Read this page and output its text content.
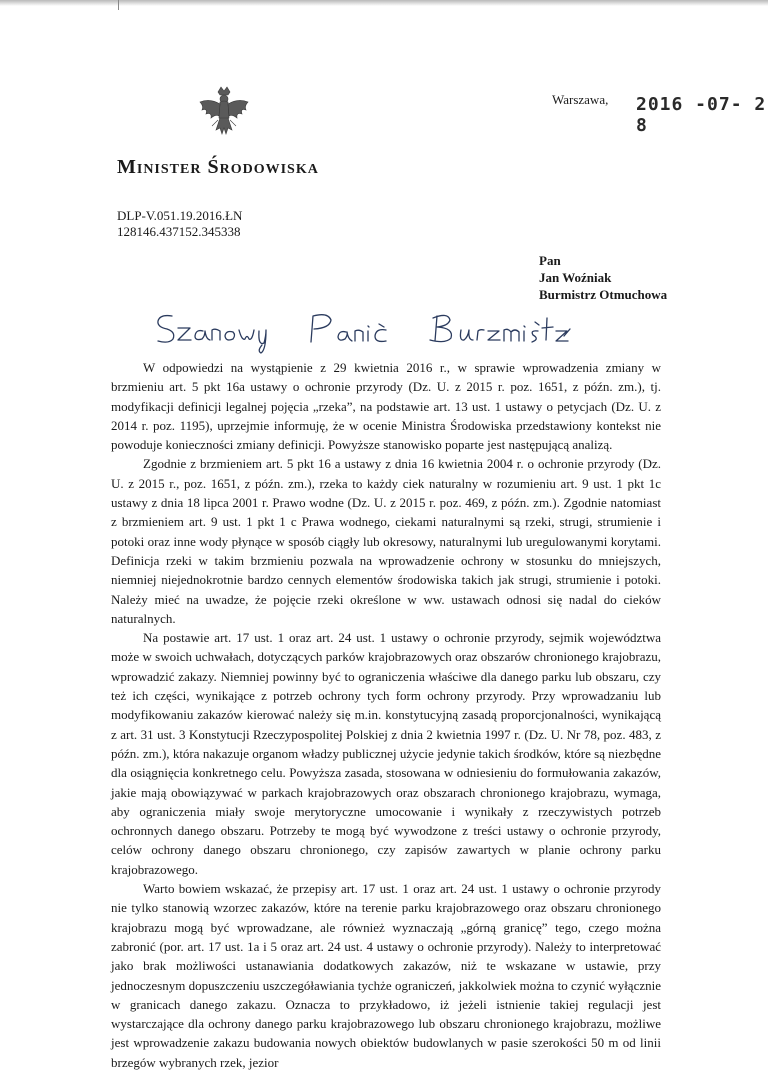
Warszawa, 2016 -07- 2 8
Minister Środowiska
DLP-V.051.19.2016.ŁN
128146.437152.345338
Pan
Jan Woźniak
Burmistrz Otmuchowa
Szanowny Panie Burmistrzu

W odpowiedzi na wystąpienie z 29 kwietnia 2016 r., w sprawie wprowadzenia zmiany w brzmieniu art. 5 pkt 16a ustawy o ochronie przyrody (Dz. U. z 2015 r. poz. 1651, z późn. zm.), tj. modyfikacji definicji legalnej pojęcia „rzeka”, na podstawie art. 13 ust. 1 ustawy o petycjach (Dz. U. z 2014 r. poz. 1195), uprzejmie informuję, że w ocenie Ministra Środowiska przedstawiony kontekst nie powoduje konieczności zmiany definicji. Powyższe stanowisko poparte jest następującą analizą.

Zgodnie z brzmieniem art. 5 pkt 16 a ustawy z dnia 16 kwietnia 2004 r. o ochronie przyrody (Dz. U. z 2015 r., poz. 1651, z późn. zm.), rzeka to każdy ciek naturalny w rozumieniu art. 9 ust. 1 pkt 1c ustawy z dnia 18 lipca 2001 r. Prawo wodne (Dz. U. z 2015 r. poz. 469, z późn. zm.). Zgodnie natomiast z brzmieniem art. 9 ust. 1 pkt 1 c Prawa wodnego, ciekami naturalnymi są rzeki, strugi, strumienie i potoki oraz inne wody płynące w sposób ciągły lub okresowy, naturalnymi lub uregulowanymi korytami. Definicja rzeki w takim brzmieniu pozwala na wprowadzenie ochrony w stosunku do mniejszych, niemniej niejednokrotnie bardzo cennych elementów środowiska takich jak strugi, strumienie i potoki. Należy mieć na uwadze, że pojęcie rzeki określone w ww. ustawach odnosi się nadal do cieków naturalnych.

Na postawie art. 17 ust. 1 oraz art. 24 ust. 1 ustawy o ochronie przyrody, sejmik województwa może w swoich uchwałach, dotyczących parków krajobrazowych oraz obszarów chronionego krajobrazu, wprowadzić zakazy. Niemniej powinny być to ograniczenia właściwe dla danego parku lub obszaru, czy też ich części, wynikające z potrzeb ochrony tych form ochrony przyrody. Przy wprowadzaniu lub modyfikowaniu zakazów kierować należy się m.in. konstytucyjną zasadą proporcjonalności, wynikającą z art. 31 ust. 3 Konstytucji Rzeczypospolitej Polskiej z dnia 2 kwietnia 1997 r. (Dz. U. Nr 78, poz. 483, z późn. zm.), która nakazuje organom władzy publicznej użycie jedynie takich środków, które są niezbędne dla osiągnięcia konkretnego celu. Powyższa zasada, stosowana w odniesieniu do formułowania zakazów, jakie mają obowiązywać w parkach krajobrazowych oraz obszarach chronionego krajobrazu, wymaga, aby ograniczenia miały swoje merytoryczne umocowanie i wynikały z rzeczywistych potrzeb ochronnych danego obszaru. Potrzeby te mogą być wywodzone z treści ustawy o ochronie przyrody, celów ochrony danego obszaru chronionego, czy zapisów zawartych w planie ochrony parku krajobrazowego.

Warto bowiem wskazać, że przepisy art. 17 ust. 1 oraz art. 24 ust. 1 ustawy o ochronie przyrody nie tylko stanowią wzorzec zakazów, które na terenie parku krajobrazowego oraz obszaru chronionego krajobrazu mogą być wprowadzane, ale również wyznaczają „górną granicę” tego, czego można zabronić (por. art. 17 ust. 1a i 5 oraz art. 24 ust. 4 ustawy o ochronie przyrody). Należy to interpretować jako brak możliwości ustanawiania dodatkowych zakazów, niż te wskazane w ustawie, przy jednoczesnym dopuszczeniu uszczegóławiania tychże ograniczeń, jakkolwiek można to czynić wyłącznie w granicach danego zakazu. Oznacza to przykładowo, iż jeżeli istnienie takiej regulacji jest wystarczające dla ochrony danego parku krajobrazowego lub obszaru chronionego krajobrazu, możliwe jest wprowadzenie zakazu budowania nowych obiektów budowlanych w pasie szerokości 50 m od linii brzegów wybranych rzek, jezior
